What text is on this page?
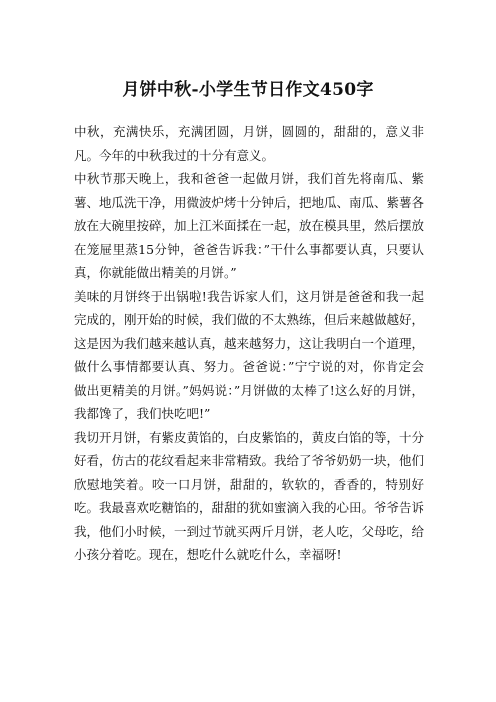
月饼中秋-小学生节日作文450字

中秋，充满快乐，充满团圆，月饼，圆圆的，甜甜的，意义非凡。今年的中秋我过的十分有意义。

中秋节那天晚上，我和爸爸一起做月饼，我们首先将南瓜、紫薯、地瓜洗干净，用微波炉烤十分钟后，把地瓜、南瓜、紫薯各放在大碗里按碎，加上江米面揉在一起，放在模具里，然后摆放在笼屉里蒸15分钟，爸爸告诉我：”干什么事都要认真，只要认真，你就能做出精美的月饼。”

美味的月饼终于出锅啦!我告诉家人们，这月饼是爸爸和我一起完成的，刚开始的时候，我们做的不太熟练，但后来越做越好，这是因为我们越来越认真，越来越努力，这让我明白一个道理，做什么事情都要认真、努力。爸爸说：”宁宁说的对，你肯定会做出更精美的月饼。”妈妈说：”月饼做的太棒了!这么好的月饼，我都馋了，我们快吃吧!”

我切开月饼，有紫皮黄馅的，白皮紫馅的，黄皮白馅的等，十分好看，仿古的花纹看起来非常精致。我给了爷爷奶奶一块，他们欣慰地笑着。咬一口月饼，甜甜的，软软的，香香的，特别好吃。我最喜欢吃糖馅的，甜甜的犹如蜜滴入我的心田。爷爷告诉我，他们小时候，一到过节就买两斤月饼，老人吃，父母吃，给小孩分着吃。现在，想吃什么就吃什么，幸福呀!
